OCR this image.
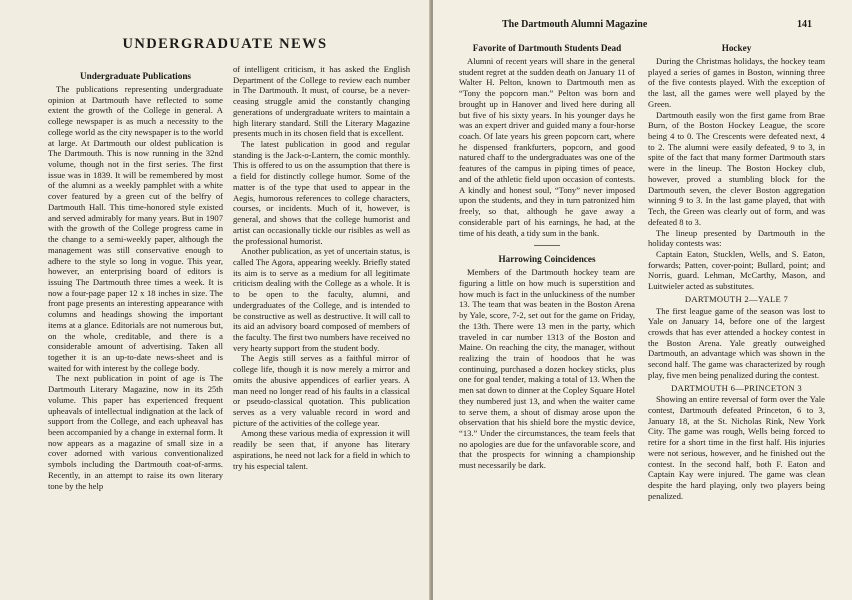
UNDERGRADUATE NEWS
Undergraduate Publications

The publications representing undergraduate opinion at Dartmouth have reflected to some extent the growth of the College in general. A college newspaper is as much a necessity to the college world as the city newspaper is to the world at large. At Dartmouth our oldest publication is The Dartmouth. This is now running in the 32nd volume, though not in the first series. The first issue was in 1839. It will be remembered by most of the alumni as a weekly pamphlet with a white cover featured by a green cut of the belfry of Dartmouth Hall. This time-honored style existed and served admirably for many years. But in 1907 with the growth of the College progress came in the change to a semi-weekly paper, although the management was still conservative enough to adhere to the style so long in vogue. This year, however, an enterprising board of editors is issuing The Dartmouth three times a week. It is now a four-page paper 12 x 18 inches in size. The front page presents an interesting appearance with columns and headings showing the important items at a glance. Editorials are not numerous but, on the whole, creditable, and there is a considerable amount of advertising. Taken all together it is an up-to-date news-sheet and is waited for with interest by the college body.

The next publication in point of age is The Dartmouth Literary Magazine, now in its 25th volume. This paper has experienced frequent upheavals of intellectual indignation at the lack of support from the College, and each upheaval has been accompanied by a change in external form. It now appears as a magazine of small size in a cover adorned with various conventionalized symbols including the Dartmouth coat-of-arms. Recently, in an attempt to raise its own literary tone by the help

of intelligent criticism, it has asked the English Department of the College to review each number in The Dartmouth. It must, of course, be a never-ceasing struggle amid the constantly changing generations of undergraduate writers to maintain a high literary standard. Still the Literary Magazine presents much in its chosen field that is excellent.

The latest publication in good and regular standing is the Jack-o-Lantern, the comic monthly. This is offered to us on the assumption that there is a field for distinctly college humor. Some of the matter is of the type that used to appear in the Aegis, humorous references to college characters, courses, or incidents. Much of it, however, is general, and shows that the college humorist and artist can occasionally tickle our risibles as well as the professional humorist.

Another publication, as yet of uncertain status, is called The Agora, appearing weekly. Briefly stated its aim is to serve as a medium for all legitimate criticism dealing with the College as a whole. It is to be open to the faculty, alumni, and undergraduates of the College, and is intended to be constructive as well as destructive. It will call to its aid an advisory board composed of members of the faculty. The first two numbers have received no very hearty support from the student body.

The Aegis still serves as a faithful mirror of college life, though it is now merely a mirror and omits the abusive appendices of earlier years. A man need no longer read of his faults in a classical or pseudo-classical quotation. This publication serves as a very valuable record in word and picture of the activities of the college year.

Among these various media of expression it will readily be seen that, if anyone has literary aspirations, he need not lack for a field in which to try his especial talent.

The Dartmouth Alumni Magazine	141
Favorite of Dartmouth Students Dead

Alumni of recent years will share in the general student regret at the sudden death on January 11 of Walter H. Pelton, known to Dartmouth men as “Tony the popcorn man.” Pelton was born and brought up in Hanover and lived here during all but five of his sixty years. In his younger days he was an expert driver and guided many a four-horse coach. Of late years his green popcorn cart, where he dispensed frankfurters, popcorn, and good natured chaff to the undergraduates was one of the features of the campus in piping times of peace, and of the athletic field upon occasion of contests. A kindly and honest soul, “Tony” never imposed upon the students, and they in turn patronized him freely, so that, although he gave away a considerable part of his earnings, he had, at the time of his death, a tidy sum in the bank.

Harrowing Coincidences

Members of the Dartmouth hockey team are figuring a little on how much is superstition and how much is fact in the unluckiness of the number 13. The team that was beaten in the Boston Arena by Yale, score, 7-2, set out for the game on Friday, the 13th. There were 13 men in the party, which traveled in car number 1313 of the Boston and Maine. On reaching the city, the manager, without realizing the train of hoodoos that he was continuing, purchased a dozen hockey sticks, plus one for goal tender, making a total of 13. When the men sat down to dinner at the Copley Square Hotel they numbered just 13, and when the waiter came to serve them, a shout of dismay arose upon the observation that his shield bore the mystic device, “13.” Under the circumstances, the team feels that no apologies are due for the unfavorable score, and that the prospects for winning a championship must necessarily be dark.

Hockey

During the Christmas holidays, the hockey team played a series of games in Boston, winning three of the five contests played. With the exception of the last, all the games were well played by the Green.

Dartmouth easily won the first game from Brae Burn, of the Boston Hockey League, the score being 4 to 0. The Crescents were defeated next, 4 to 2. The alumni were easily defeated, 9 to 3, in spite of the fact that many former Dartmouth stars were in the lineup. The Boston Hockey club, however, proved a stumbling block for the Dartmouth seven, the clever Boston aggregation winning 9 to 3. In the last game played, that with Tech, the Green was clearly out of form, and was defeated 8 to 3.

The lineup presented by Dartmouth in the holiday contests was:

Captain Eaton, Stucklen, Wells, and S. Eaton, forwards; Patten, cover-point; Bullard, point; and Norris, guard. Lehman, McCarthy, Mason, and Luitwieler acted as substitutes.

DARTMOUTH 2—YALE 7

The first league game of the season was lost to Yale on January 14, before one of the largest crowds that has ever attended a hockey contest in the Boston Arena. Yale greatly outweighed Dartmouth, an advantage which was shown in the second half. The game was characterized by rough play, five men being penalized during the contest.

DARTMOUTH 6—PRINCETON 3

Showing an entire reversal of form over the Yale contest, Dartmouth defeated Princeton, 6 to 3, January 18, at the St. Nicholas Rink, New York City. The game was rough, Wells being forced to retire for a short time in the first half. His injuries were not serious, however, and he finished out the contest. In the second half, both F. Eaton and Captain Kay were injured. The game was clean despite the hard playing, only two players being penalized.
